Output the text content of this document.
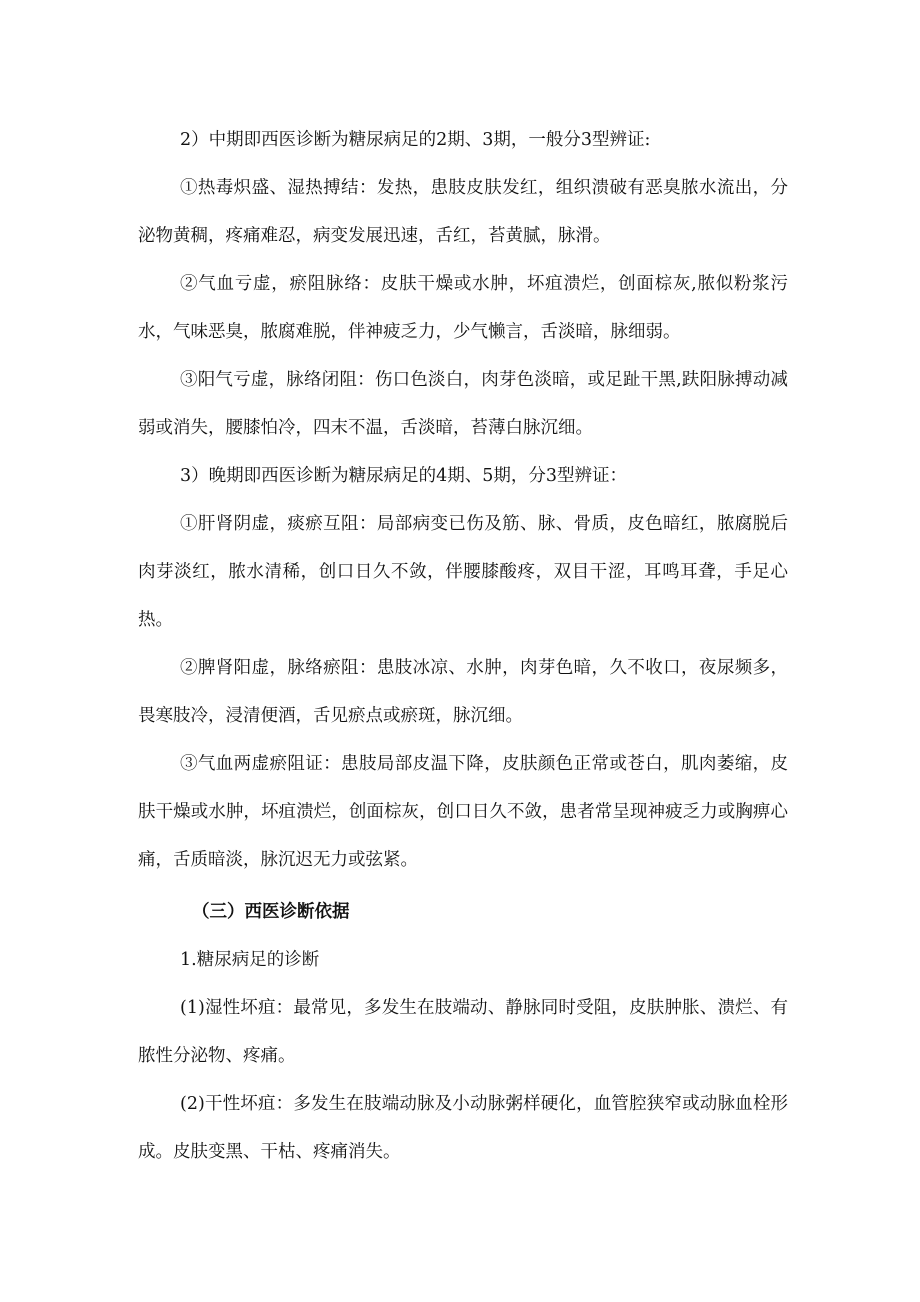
2）中期即西医诊断为糖尿病足的2期、3期，一般分3型辨证:

①热毒炽盛、湿热搏结：发热，患肢皮肤发红，组织溃破有恶臭脓水流出，分泌物黄稠，疼痛难忍，病变发展迅速，舌红，苔黄腻，脉滑。

②气血亏虚，瘀阻脉络：皮肤干燥或水肿，坏疽溃烂，创面棕灰,脓似粉浆污水，气味恶臭，脓腐难脱，伴神疲乏力，少气懒言，舌淡暗，脉细弱。

③阳气亏虚，脉络闭阻：伤口色淡白，肉芽色淡暗，或足趾干黑,趺阳脉搏动减弱或消失，腰膝怕冷，四末不温，舌淡暗，苔薄白脉沉细。

3）晚期即西医诊断为糖尿病足的4期、5期，分3型辨证：

①肝肾阴虚，痰瘀互阻：局部病变已伤及筋、脉、骨质，皮色暗红，脓腐脱后肉芽淡红，脓水清稀，创口日久不敛，伴腰膝酸疼，双目干涩，耳鸣耳聋，手足心热。

②脾肾阳虚，脉络瘀阻：患肢冰凉、水肿，肉芽色暗，久不收口，夜尿频多，畏寒肢冷，浸清便酒，舌见瘀点或瘀斑，脉沉细。

③气血两虚瘀阻证：患肢局部皮温下降，皮肤颜色正常或苍白，肌肉萎缩，皮肤干燥或水肿，坏疽溃烂，创面棕灰，创口日久不敛，患者常呈现神疲乏力或胸痹心痛，舌质暗淡，脉沉迟无力或弦紧。

（三）西医诊断依据

1.糖尿病足的诊断

(1)湿性坏疽：最常见，多发生在肢端动、静脉同时受阻，皮肤肿胀、溃烂、有脓性分泌物、疼痛。

(2)干性坏疽：多发生在肢端动脉及小动脉粥样硬化，血管腔狭窄或动脉血栓形成。皮肤变黑、干枯、疼痛消失。
